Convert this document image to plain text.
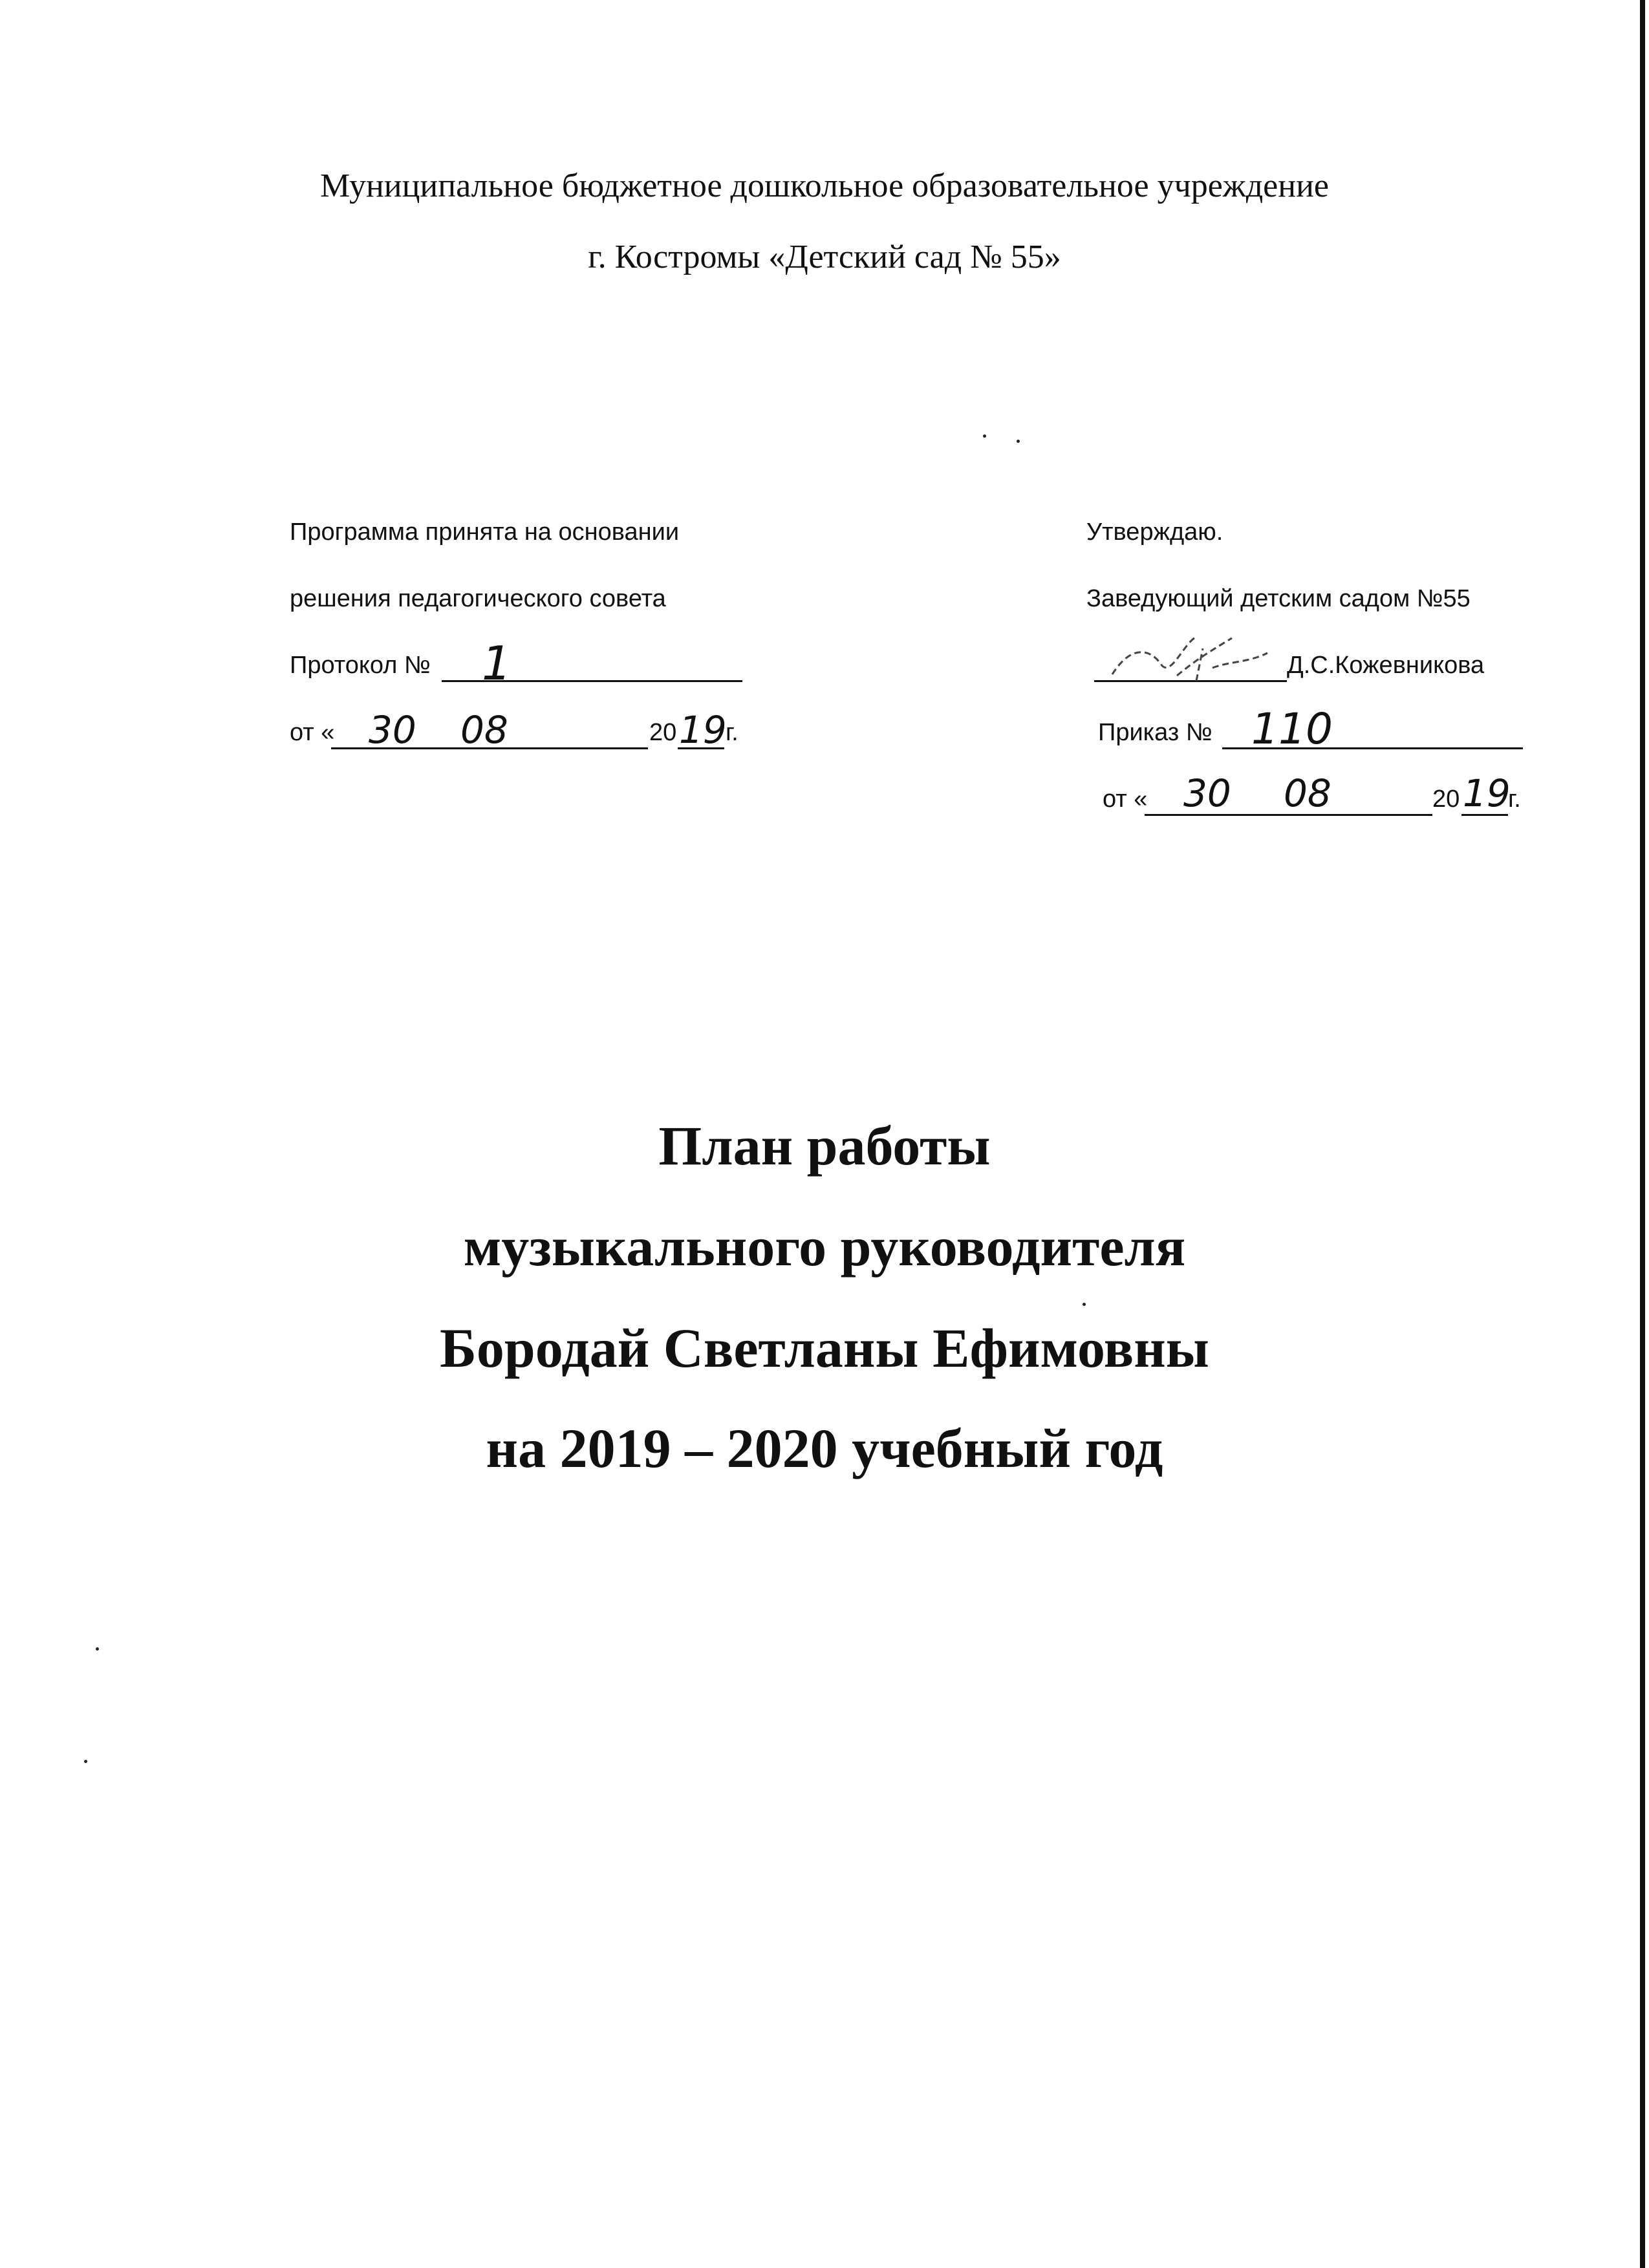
Муниципальное бюджетное дошкольное образовательное учреждение
г. Костромы «Детский сад № 55»
Программа принята на основании
решения педагогического совета
Протокол № 1
от « 30 08	20 19
г.
Утверждаю.
Заведующий детским садом №55
Д.С.Кожевникова
Приказ № 110
от « 30 08	20 19
г.
План работы
музыкального руководителя
Бородай Светланы Ефимовны
на 2019 – 2020 учебный год
